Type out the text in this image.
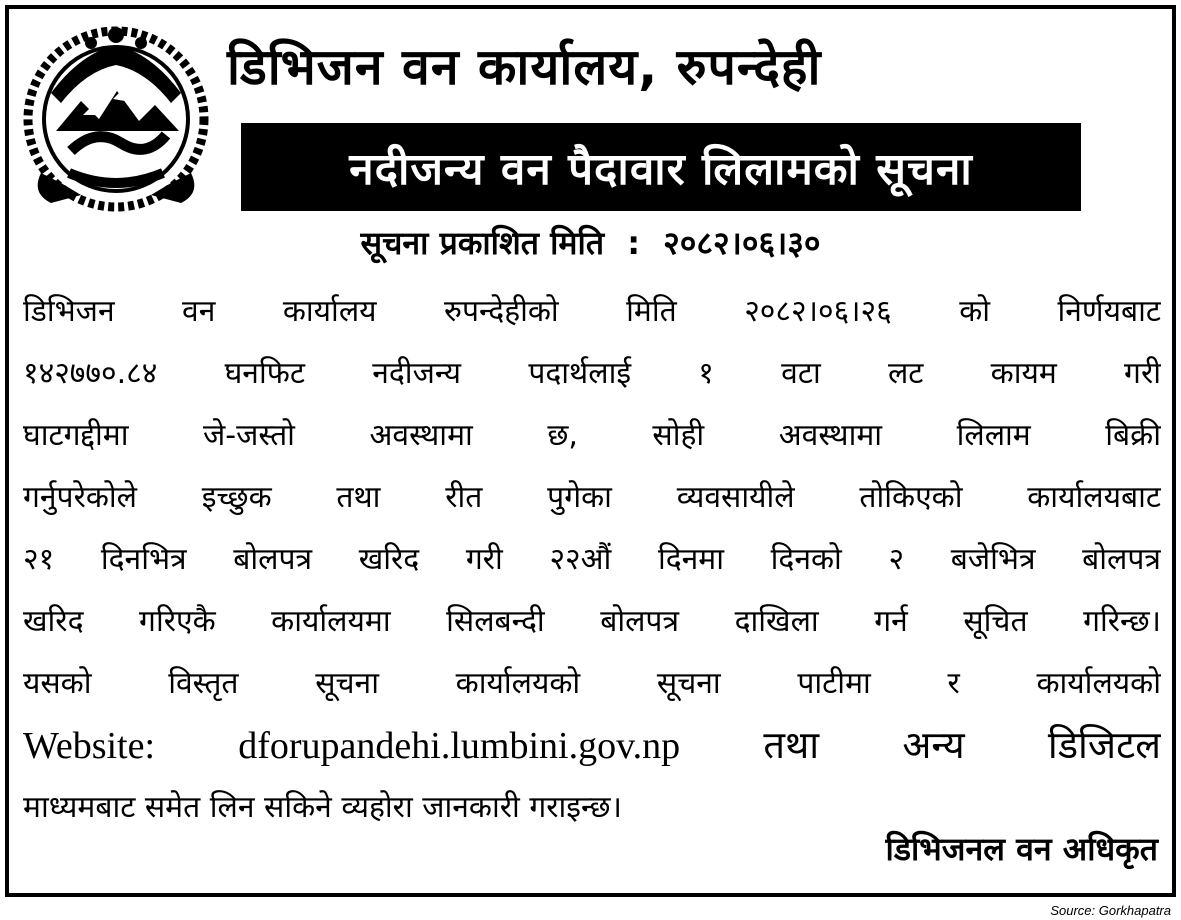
डिभिजन वन कार्यालय, रुपन्देही
नदीजन्य वन पैदावार लिलामको सूचना
सूचना प्रकाशित मिति : २०८२।०६।३०
डिभिजन वन कार्यालय रुपन्देहीको मिति २०८२।०६।२६ को निर्णयबाट
१४२७७०.८४ घनफिट नदीजन्य पदार्थलाई १ वटा लट कायम गरी
घाटगद्दीमा जे-जस्तो अवस्थामा छ, सोही अवस्थामा लिलाम बिक्री
गर्नुपरेकोले इच्छुक तथा रीत पुगेका व्यवसायीले तोकिएको कार्यालयबाट
२१ दिनभित्र बोलपत्र खरिद गरी २२औं दिनमा दिनको २ बजेभित्र बोलपत्र
खरिद गरिएकै कार्यालयमा सिलबन्दी बोलपत्र दाखिला गर्न सूचित गरिन्छ।
यसको विस्तृत सूचना कार्यालयको सूचना पाटीमा र कार्यालयको
Website: dforupandehi.lumbini.gov.np तथा अन्य डिजिटल
माध्यमबाट समेत लिन सकिने व्यहोरा जानकारी गराइन्छ।
डिभिजनल वन अधिकृत
Source: Gorkhapatra
